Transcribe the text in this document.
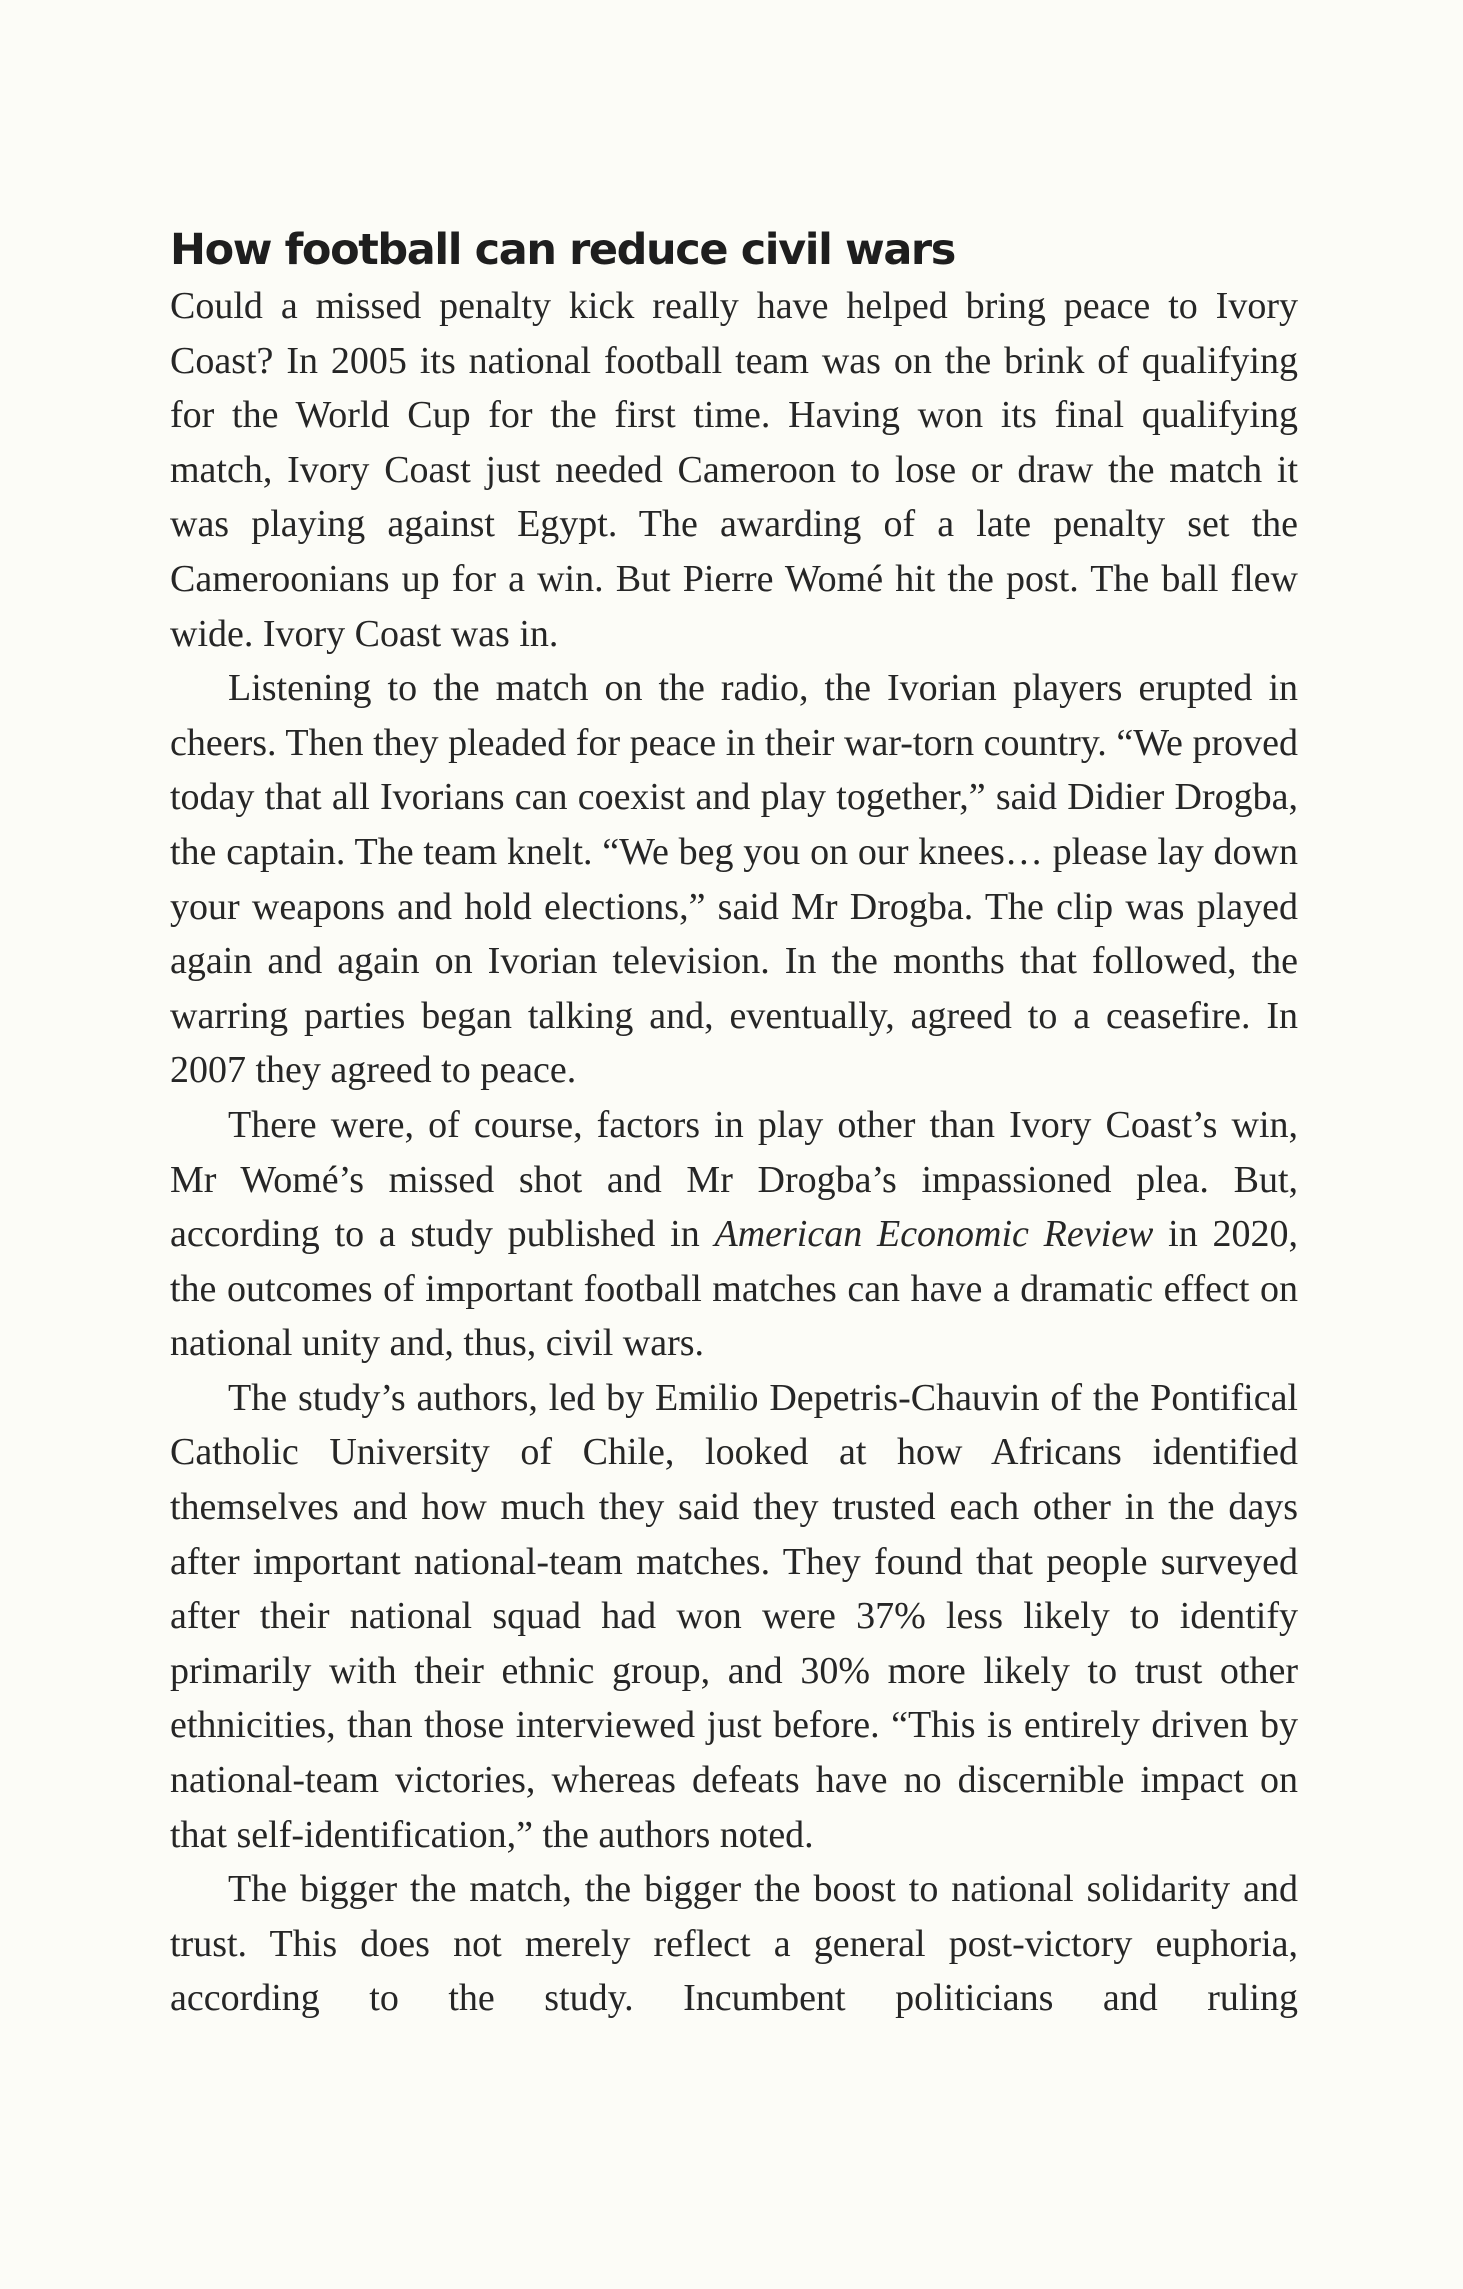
How football can reduce civil wars

Could a missed penalty kick really have helped bring peace to Ivory Coast? In 2005 its national football team was on the brink of qualifying for the World Cup for the first time. Having won its final qualifying match, Ivory Coast just needed Cameroon to lose or draw the match it was playing against Egypt. The awarding of a late penalty set the Cameroonians up for a win. But Pierre Womé hit the post. The ball flew wide. Ivory Coast was in.

Listening to the match on the radio, the Ivorian players erupted in cheers. Then they pleaded for peace in their war-torn country. “We proved today that all Ivorians can coexist and play together,” said Didier Drogba, the captain. The team knelt. “We beg you on our knees… please lay down your weapons and hold elections,” said Mr Drogba. The clip was played again and again on Ivorian television. In the months that followed, the warring parties began talking and, eventually, agreed to a ceasefire. In 2007 they agreed to peace.

There were, of course, factors in play other than Ivory Coast’s win, Mr Womé’s missed shot and Mr Drogba’s impassioned plea. But, according to a study published in American Economic Review in 2020, the outcomes of important football matches can have a dramatic effect on national unity and, thus, civil wars.

The study’s authors, led by Emilio Depetris-Chauvin of the Pontifical Catholic University of Chile, looked at how Africans identified themselves and how much they said they trusted each other in the days after important national-team matches. They found that people surveyed after their national squad had won were 37% less likely to identify primarily with their ethnic group, and 30% more likely to trust other ethnicities, than those interviewed just before. “This is entirely driven by national-team victories, whereas defeats have no discernible impact on that self-identification,” the authors noted.

The bigger the match, the bigger the boost to national solidarity and trust. This does not merely reflect a general post-victory euphoria, according to the study. Incumbent politicians and ruling
